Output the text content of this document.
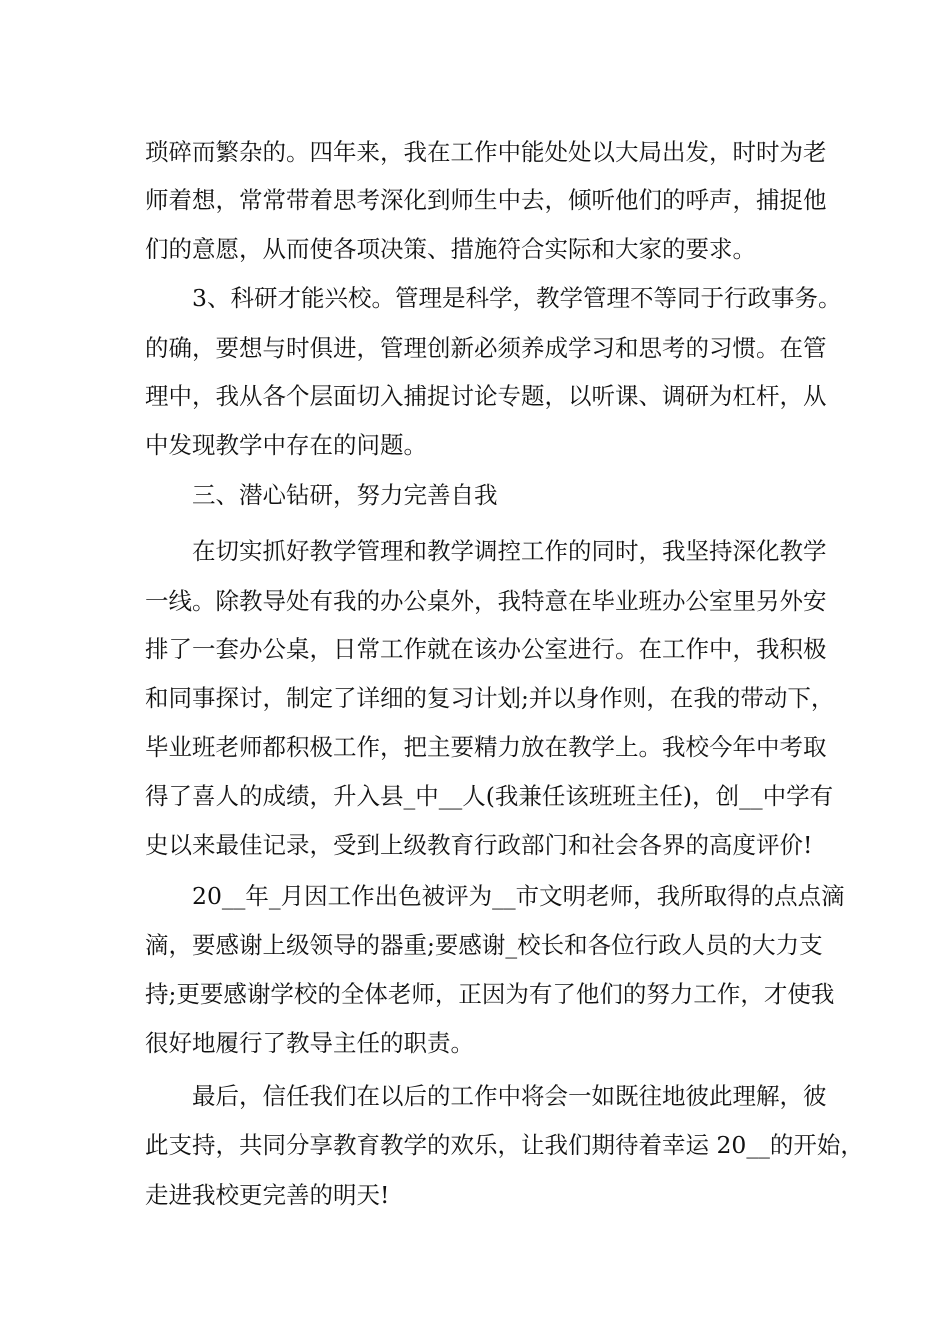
琐碎而繁杂的。四年来，我在工作中能处处以大局出发，时时为老
师着想，常常带着思考深化到师生中去，倾听他们的呼声，捕捉他
们的意愿，从而使各项决策、措施符合实际和大家的要求。
3、科研才能兴校。管理是科学，教学管理不等同于行政事务。
的确，要想与时俱进，管理创新必须养成学习和思考的习惯。在管
理中，我从各个层面切入捕捉讨论专题，以听课、调研为杠杆，从
中发现教学中存在的问题。
三、潜心钻研，努力完善自我
在切实抓好教学管理和教学调控工作的同时，我坚持深化教学
一线。除教导处有我的办公桌外，我特意在毕业班办公室里另外安
排了一套办公桌，日常工作就在该办公室进行。在工作中，我积极
和同事探讨，制定了详细的复习计划;并以身作则，在我的带动下，
毕业班老师都积极工作，把主要精力放在教学上。我校今年中考取
得了喜人的成绩，升入县_中__人(我兼任该班班主任)，创__中学有
史以来最佳记录，受到上级教育行政部门和社会各界的高度评价!
20__年_月因工作出色被评为__市文明老师，我所取得的点点滴
滴，要感谢上级领导的器重;要感谢_校长和各位行政人员的大力支
持;更要感谢学校的全体老师，正因为有了他们的努力工作，才使我
很好地履行了教导主任的职责。
最后，信任我们在以后的工作中将会一如既往地彼此理解，彼
此支持，共同分享教育教学的欢乐，让我们期待着幸运 20__的开始，
走进我校更完善的明天!
